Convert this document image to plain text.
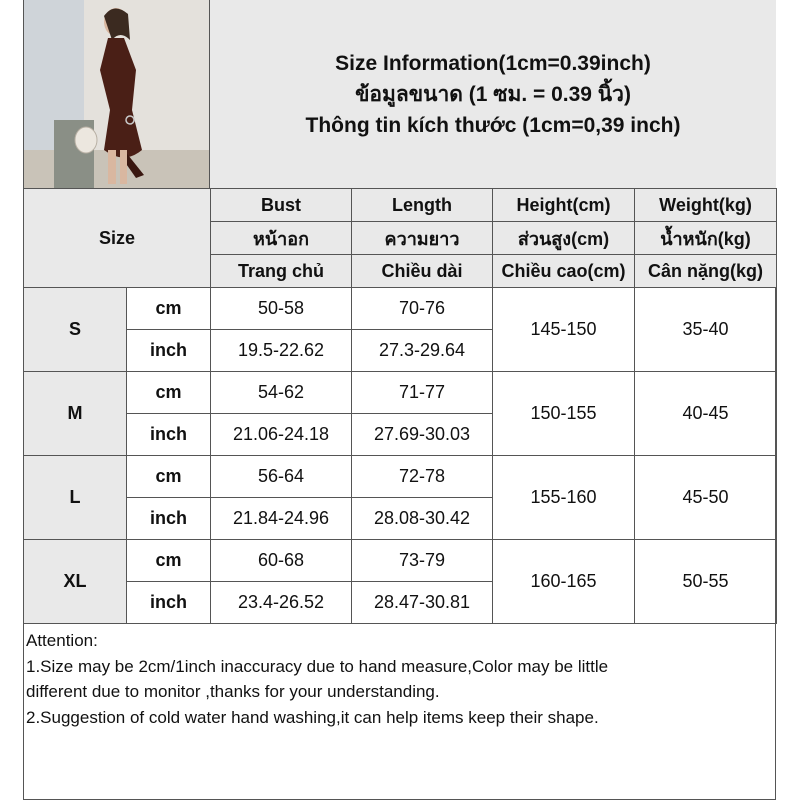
Size Information(1cm=0.39inch)
ข้อมูลขนาด (1 ซม. = 0.39 นิ้ว)
Thông tin kích thước (1cm=0,39 inch)
Size		Bust	Length	Height(cm)	Weight(kg)
		หน้าอก	ความยาว	ส่วนสูง(cm)	น้ำหนัก(kg)
		Trang chủ	Chiều dài	Chiều cao(cm)	Cân nặng(kg)
S	cm	50-58	70-76	145-150	35-40
	inch	19.5-22.62	27.3-29.64		
M	cm	54-62	71-77	150-155	40-45
	inch	21.06-24.18	27.69-30.03		
L	cm	56-64	72-78	155-160	45-50
	inch	21.84-24.96	28.08-30.42		
XL	cm	60-68	73-79	160-165	50-55
	inch	23.4-26.52	28.47-30.81		
Attention:
1.Size may be 2cm/1inch inaccuracy due to hand measure,Color may be little
different due to monitor ,thanks for your understanding.
2.Suggestion of cold water hand washing,it can help items keep their shape.
